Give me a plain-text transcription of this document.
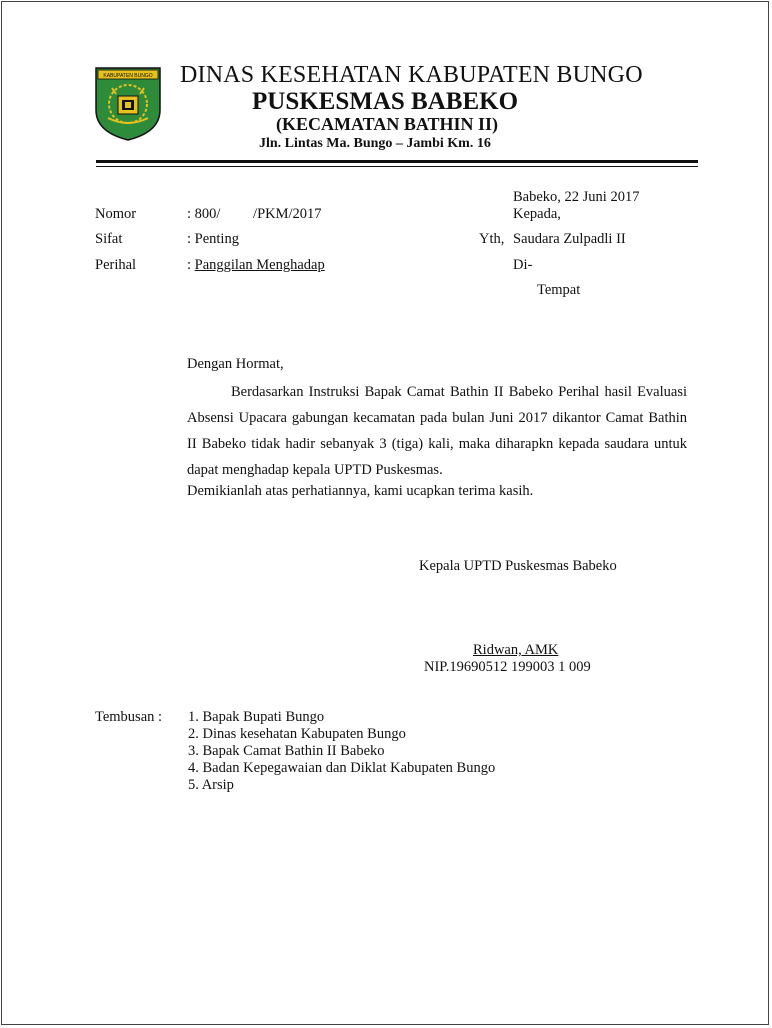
KABUPATEN BUNGO DINAS KESEHATAN KABUPATEN BUNGO
PUSKESMAS BABEKO
(KECAMATAN BATHIN II)
Jln. Lintas Ma. Bungo – Jambi Km. 16
Babeko, 22 Juni 2017
Nomor	: 800/         /PKM/2017
Sifat	: Penting
Perihal	: Panggilan Menghadap
Kepada,
Yth, Saudara Zulpadli II
Di-
Tempat
Dengan Hormat,
Berdasarkan Instruksi Bapak Camat Bathin II Babeko Perihal hasil Evaluasi Absensi Upacara gabungan kecamatan pada bulan Juni 2017 dikantor Camat Bathin II Babeko tidak hadir sebanyak 3 (tiga) kali, maka diharapkn kepada saudara untuk dapat menghadap kepala UPTD Puskesmas.
Demikianlah atas perhatiannya, kami ucapkan terima kasih.
Kepala UPTD Puskesmas Babeko
Ridwan, AMK
NIP.19690512 199003 1 009
Tembusan : 1. Bapak Bupati Bungo
2. Dinas kesehatan Kabupaten Bungo
3. Bapak Camat Bathin II Babeko
4. Badan Kepegawaian dan Diklat Kabupaten Bungo
5. Arsip
